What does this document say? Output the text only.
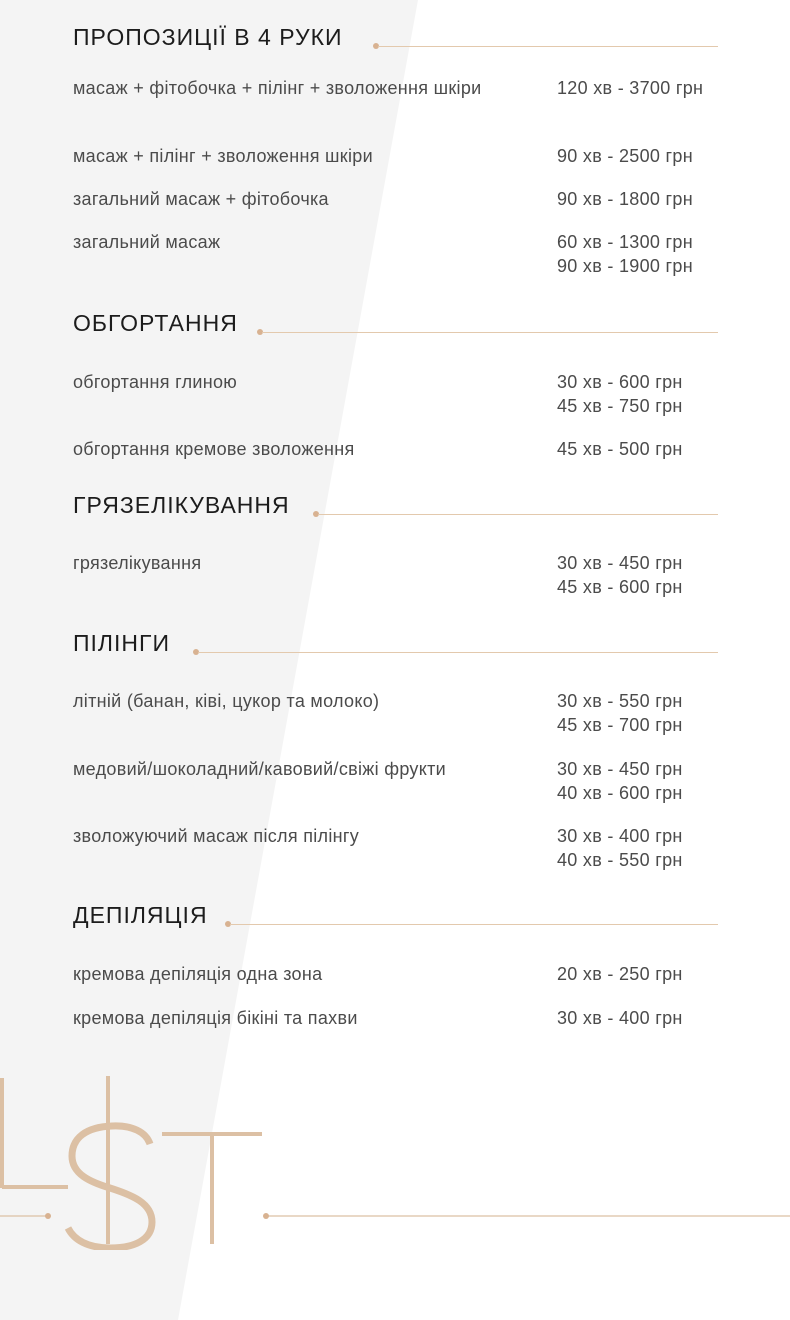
ПРОПОЗИЦІЇ В 4 РУКИ
масаж + фітобочка + пілінг + зволоження шкіри	120 хв - 3700 грн
масаж + пілінг + зволоження шкіри	90 хв - 2500 грн
загальний масаж + фітобочка	90 хв - 1800 грн
загальний масаж	60 хв - 1300 грн
90 хв - 1900 грн
ОБГОРТАННЯ
обгортання глиною	30 хв - 600 грн
45 хв - 750 грн
обгортання кремове зволоження	45 хв - 500 грн
ГРЯЗЕЛІКУВАННЯ
грязелікування	30 хв - 450 грн
45 хв - 600 грн
ПІЛІНГИ
літній (банан, ківі, цукор та молоко)	30 хв - 550 грн
45 хв - 700 грн
медовий/шоколадний/кавовий/свіжі фрукти	30 хв - 450 грн
40 хв - 600 грн
зволожуючий масаж після пілінгу	30 хв - 400 грн
40 хв - 550 грн
ДЕПІЛЯЦІЯ
кремова депіляція одна зона	20 хв - 250 грн
кремова депіляція бікіні та пахви	30 хв - 400 грн
